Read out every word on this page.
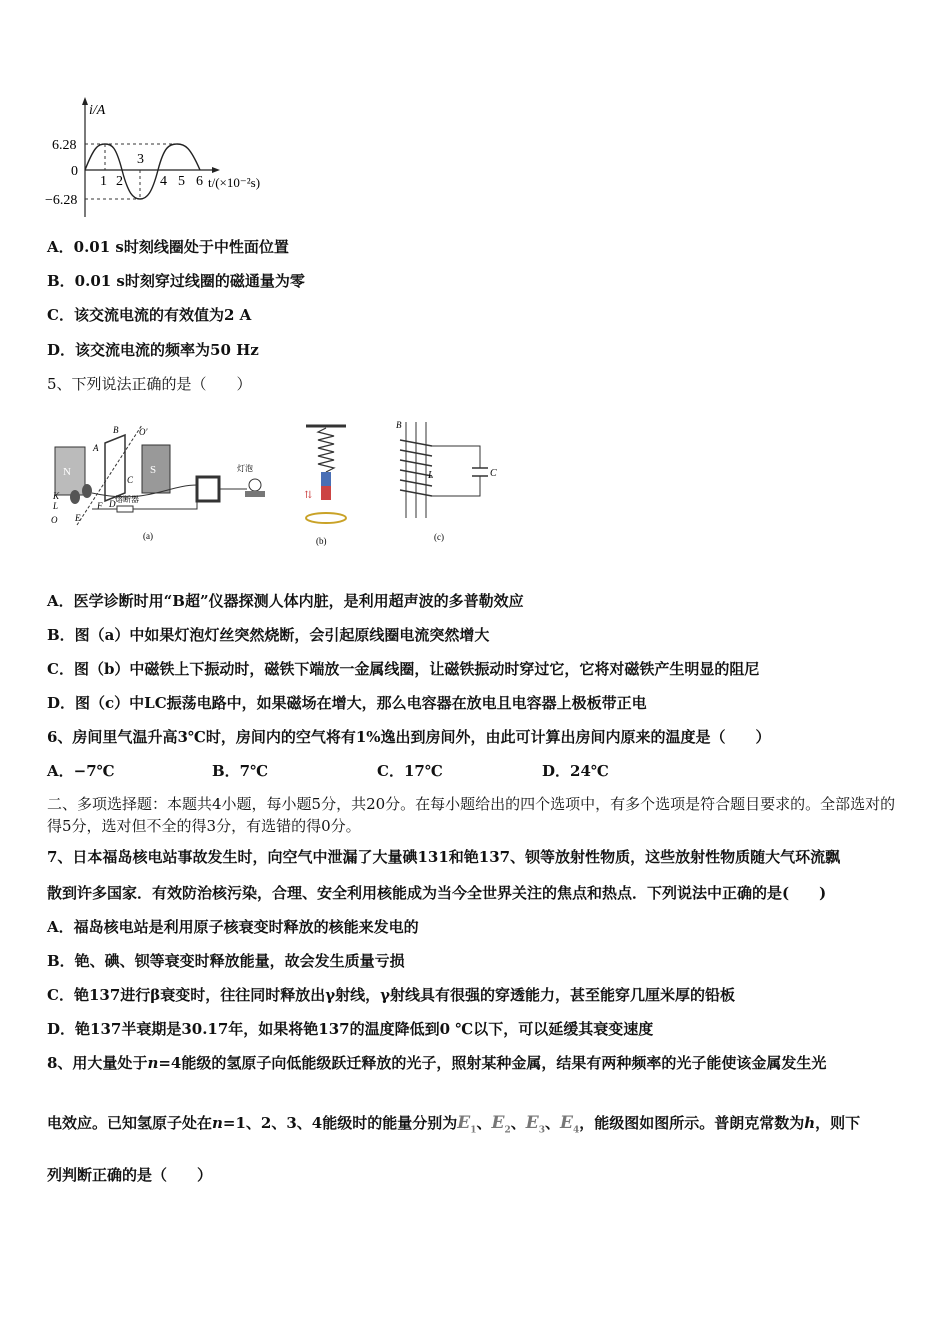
i/A
6.28
0
−6.28
1 2
3
4 5 6 t/(×10⁻²s)
A．0.01 s时刻线圈处于中性面位置
B．0.01 s时刻穿过线圈的磁通量为零
C．该交流电流的有效值为2 A
D．该交流电流的频率为50 Hz
5、下列说法正确的是（　　）
N	S
B
A
O′
C
D
K
L	F
E
O
熔断器
灯泡
(a)
⇅
(b)
B
L	C
(c)
A．医学诊断时用“B超”仪器探测人体内脏，是利用超声波的多普勒效应
B．图（a）中如果灯泡灯丝突然烧断，会引起原线圈电流突然增大
C．图（b）中磁铁上下振动时，磁铁下端放一金属线圈，让磁铁振动时穿过它，它将对磁铁产生明显的阻尼
D．图（c）中LC振荡电路中，如果磁场在增大，那么电容器在放电且电容器上极板带正电
6、房间里气温升高3℃时，房间内的空气将有1%逸出到房间外，由此可计算出房间内原来的温度是（　　）
A．−7℃	B．7℃	C．17℃	D．24℃
二、多项选择题：本题共4小题，每小题5分，共20分。在每小题给出的四个选项中，有多个选项是符合题目要求的。全部选对的得5分，选对但不全的得3分，有选错的得0分。
7、日本福岛核电站事故发生时，向空气中泄漏了大量碘131和铯137、钡等放射性物质，这些放射性物质随大气环流飘
散到许多国家．有效防治核污染，合理、安全利用核能成为当今全世界关注的焦点和热点．下列说法中正确的是(　　)
A．福岛核电站是利用原子核衰变时释放的核能来发电的
B．铯、碘、钡等衰变时释放能量，故会发生质量亏损
C．铯137进行β衰变时，往往同时释放出γ射线，γ射线具有很强的穿透能力，甚至能穿几厘米厚的铅板
D．铯137半衰期是30.17年，如果将铯137的温度降低到0 ℃以下，可以延缓其衰变速度
8、用大量处于n=4能级的氢原子向低能级跃迁释放的光子，照射某种金属，结果有两种频率的光子能使该金属发生光
电效应。已知氢原子处在n=1、2、3、4能级时的能量分别为$E_1$、$E_2$、$E_3$、$E_4$，能级图如图所示。普朗克常数为h，则下
列判断正确的是（　　）
